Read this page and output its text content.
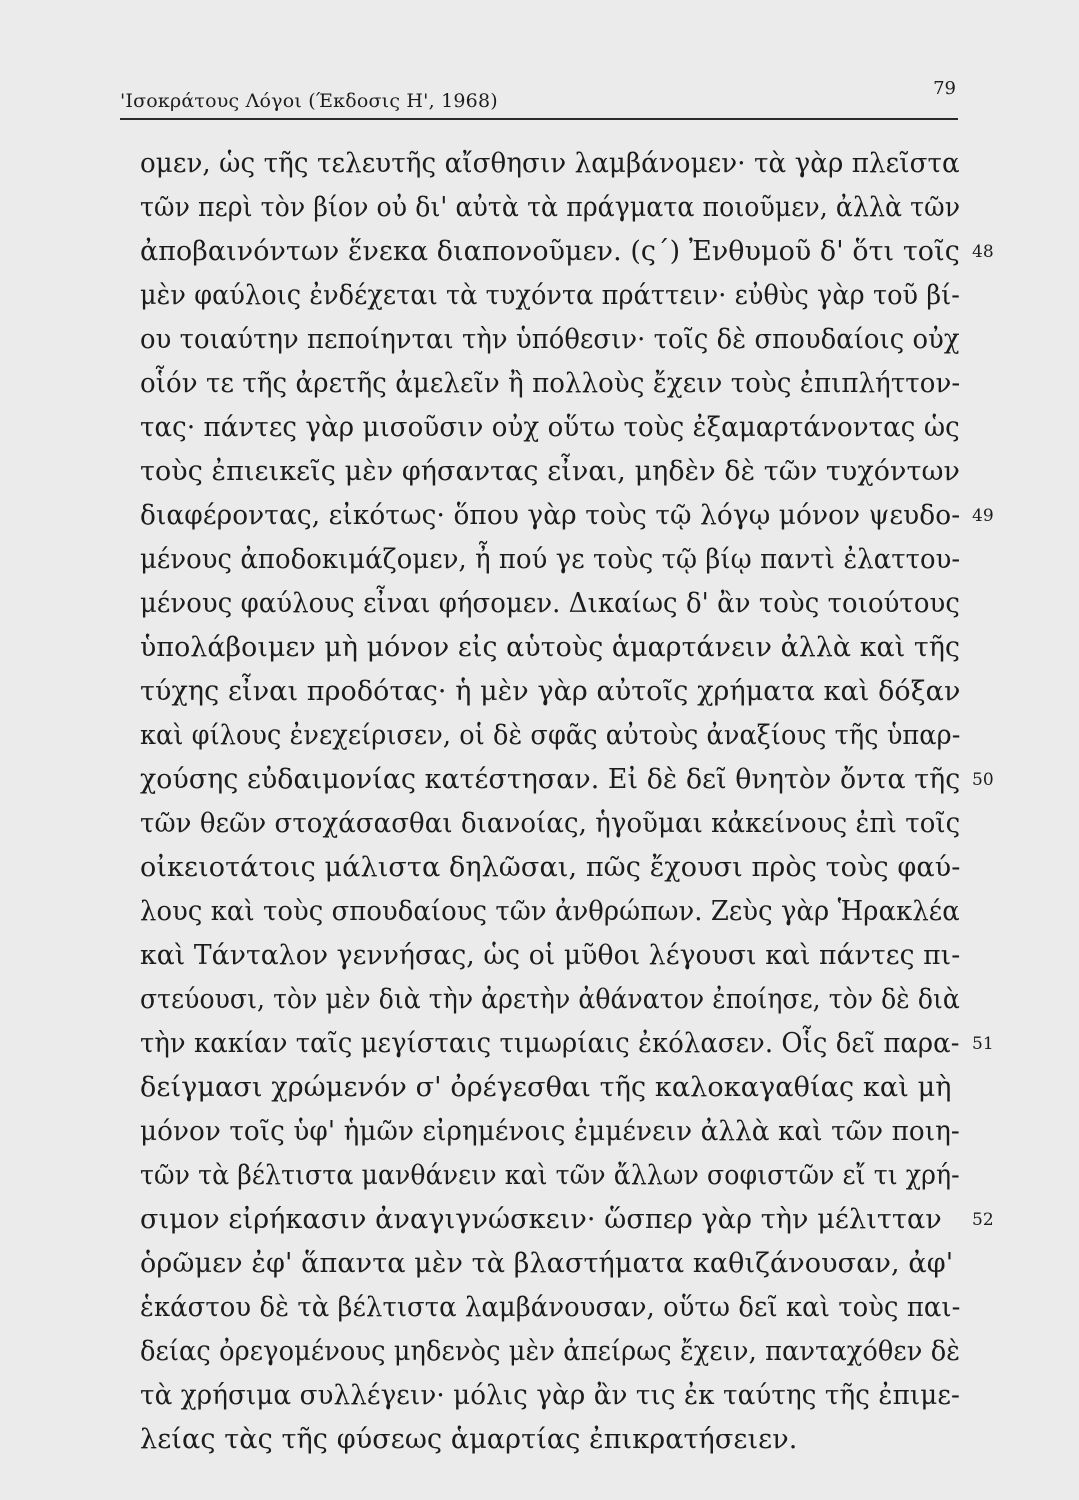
'Ισοκράτους Λόγοι (Έκδοσις Η', 1968)
79
ομεν, ὡς τῆς τελευτῆς αἴσθησιν λαμβάνομεν· τὰ γὰρ πλεῖστα
τῶν περὶ τὸν βίον οὐ δι' αὐτὰ τὰ πράγματα ποιοῦμεν, ἀλλὰ τῶν
ἀποβαινόντων ἕνεκα διαπονοῦμεν. (ς΄) Ἐνθυμοῦ δ' ὅτι τοῖς
μὲν φαύλοις ἐνδέχεται τὰ τυχόντα πράττειν· εὐθὺς γὰρ τοῦ βί-
ου τοιαύτην πεποίηνται τὴν ὑπόθεσιν· τοῖς δὲ σπουδαίοις οὐχ
οἷόν τε τῆς ἀρετῆς ἀμελεῖν ἢ πολλοὺς ἔχειν τοὺς ἐπιπλήττον-
τας· πάντες γὰρ μισοῦσιν οὐχ οὕτω τοὺς ἐξαμαρτάνοντας ὡς
τοὺς ἐπιεικεῖς μὲν φήσαντας εἶναι, μηδὲν δὲ τῶν τυχόντων
διαφέροντας, εἰκότως· ὅπου γὰρ τοὺς τῷ λόγῳ μόνον ψευδο-
μένους ἀποδοκιμάζομεν, ἦ πού γε τοὺς τῷ βίῳ παντὶ ἐλαττου-
μένους φαύλους εἶναι φήσομεν. Δικαίως δ' ἂν τοὺς τοιούτους
ὑπολάβοιμεν μὴ μόνον εἰς αὑτοὺς ἁμαρτάνειν ἀλλὰ καὶ τῆς
τύχης εἶναι προδότας· ἡ μὲν γὰρ αὐτοῖς χρήματα καὶ δόξαν
καὶ φίλους ἐνεχείρισεν, οἱ δὲ σφᾶς αὐτοὺς ἀναξίους τῆς ὑπαρ-
χούσης εὐδαιμονίας κατέστησαν. Εἰ δὲ δεῖ θνητὸν ὄντα τῆς
τῶν θεῶν στοχάσασθαι διανοίας, ἡγοῦμαι κἀκείνους ἐπὶ τοῖς
οἰκειοτάτοις μάλιστα δηλῶσαι, πῶς ἔχουσι πρὸς τοὺς φαύ-
λους καὶ τοὺς σπουδαίους τῶν ἀνθρώπων. Ζεὺς γὰρ Ἡρακλέα
καὶ Τάνταλον γεννήσας, ὡς οἱ μῦθοι λέγουσι καὶ πάντες πι-
στεύουσι, τὸν μὲν διὰ τὴν ἀρετὴν ἀθάνατον ἐποίησε, τὸν δὲ διὰ
τὴν κακίαν ταῖς μεγίσταις τιμωρίαις ἐκόλασεν. Οἷς δεῖ παρα-
δείγμασι χρώμενόν σ' ὀρέγεσθαι τῆς καλοκαγαθίας καὶ μὴ
μόνον τοῖς ὑφ' ἡμῶν εἰρημένοις ἐμμένειν ἀλλὰ καὶ τῶν ποιη-
τῶν τὰ βέλτιστα μανθάνειν καὶ τῶν ἄλλων σοφιστῶν εἴ τι χρή-
σιμον εἰρήκασιν ἀναγιγνώσκειν· ὥσπερ γὰρ τὴν μέλιτταν
ὁρῶμεν ἐφ' ἅπαντα μὲν τὰ βλαστήματα καθιζάνουσαν, ἀφ'
ἑκάστου δὲ τὰ βέλτιστα λαμβάνουσαν, οὕτω δεῖ καὶ τοὺς παι-
δείας ὀρεγομένους μηδενὸς μὲν ἀπείρως ἔχειν, πανταχόθεν δὲ
τὰ χρήσιμα συλλέγειν· μόλις γὰρ ἂν τις ἐκ ταύτης τῆς ἐπιμε-
λείας τὰς τῆς φύσεως ἁμαρτίας ἐπικρατήσειεν.
48
49
50
51
52
